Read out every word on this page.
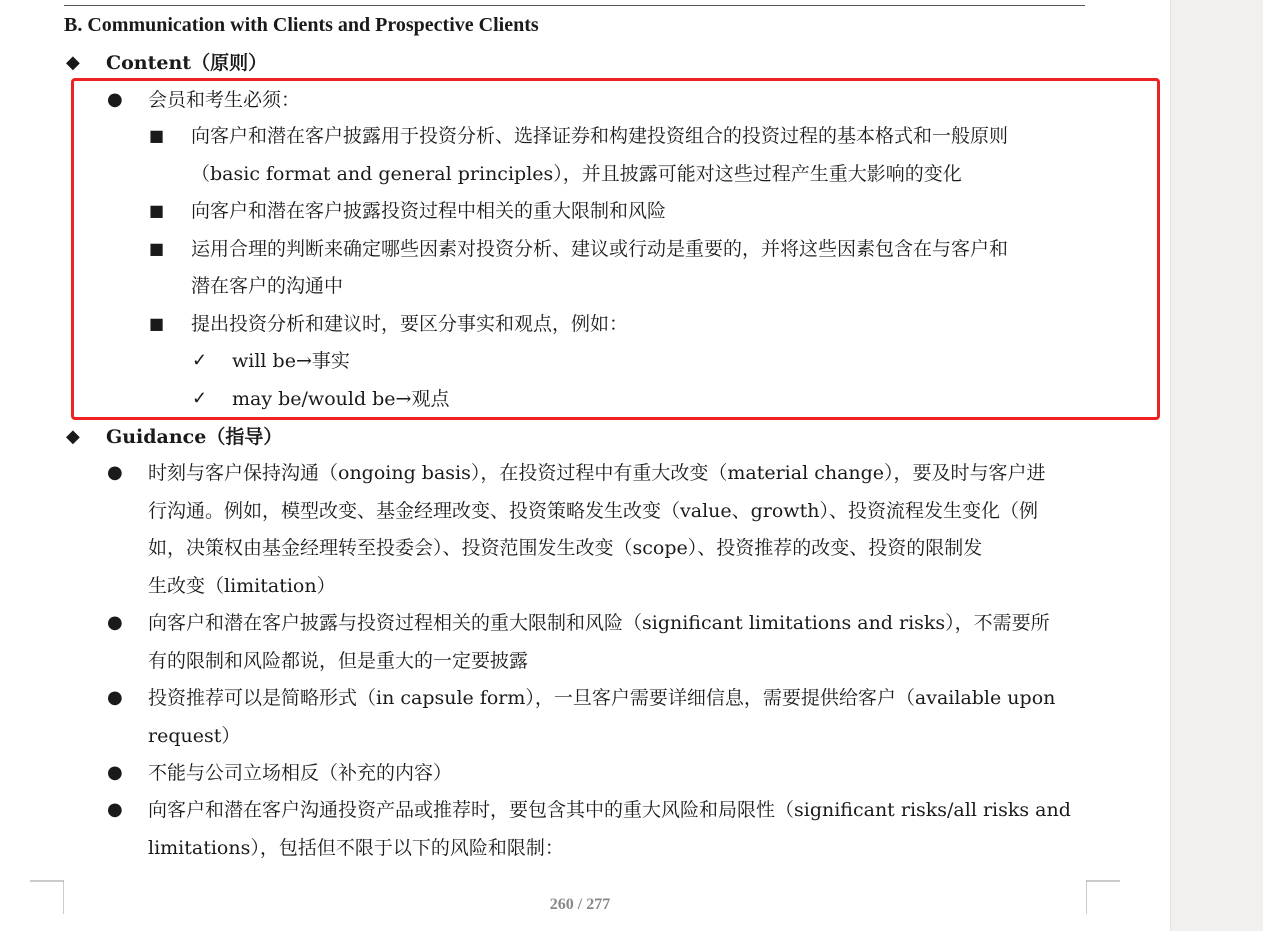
B. Communication with Clients and Prospective Clients
◆ Content（原则）
● 会员和考生必须：
■ 向客户和潜在客户披露用于投资分析、选择证券和构建投资组合的投资过程的基本格式和一般原则
（basic format and general principles），并且披露可能对这些过程产生重大影响的变化
■ 向客户和潜在客户披露投资过程中相关的重大限制和风险
■ 运用合理的判断来确定哪些因素对投资分析、建议或行动是重要的，并将这些因素包含在与客户和
潜在客户的沟通中
■ 提出投资分析和建议时，要区分事实和观点，例如：
✓ will be→事实
✓ may be/would be→观点
◆ Guidance（指导）
● 时刻与客户保持沟通（ongoing basis），在投资过程中有重大改变（material change），要及时与客户进
行沟通。例如，模型改变、基金经理改变、投资策略发生改变（value、growth）、投资流程发生变化（例
如，决策权由基金经理转至投委会）、投资范围发生改变（scope）、投资推荐的改变、投资的限制发
生改变（limitation）
● 向客户和潜在客户披露与投资过程相关的重大限制和风险（significant limitations and risks），不需要所
有的限制和风险都说，但是重大的一定要披露
● 投资推荐可以是简略形式（in capsule form），一旦客户需要详细信息，需要提供给客户（available upon
request）
● 不能与公司立场相反（补充的内容）
● 向客户和潜在客户沟通投资产品或推荐时，要包含其中的重大风险和局限性（significant risks/all risks and
limitations），包括但不限于以下的风险和限制：
260 / 277
